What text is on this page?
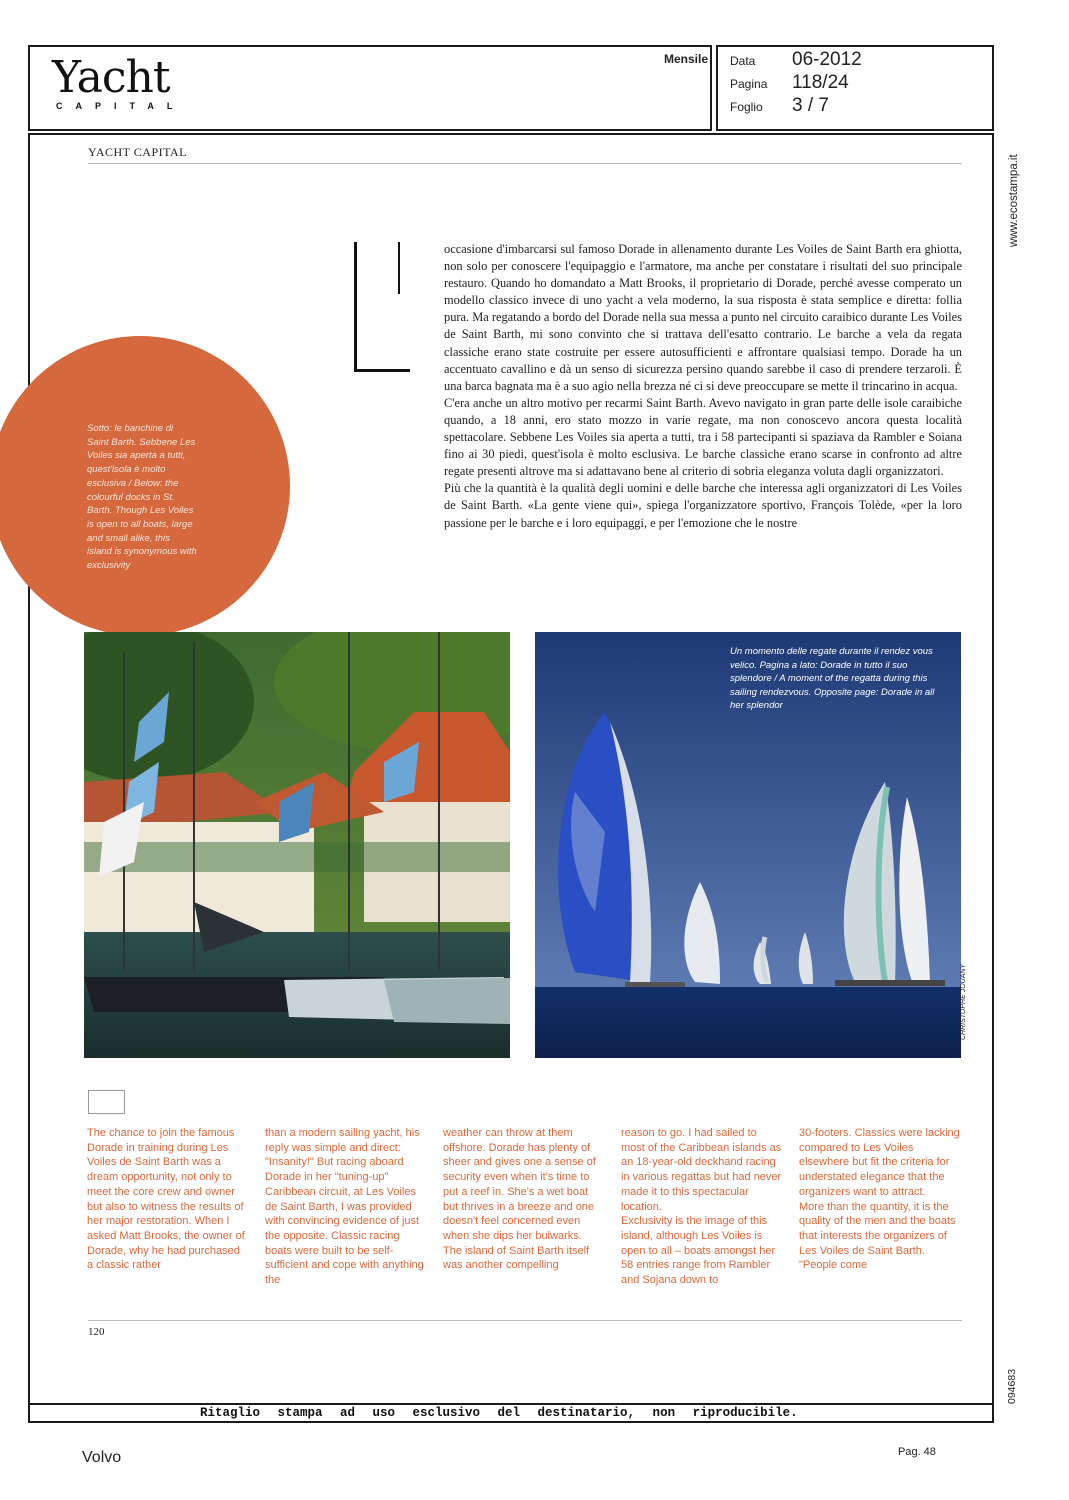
Yacht
CAPITAL
Mensile Data 06-2012
Pagina 118/24
Foglio 3 / 7
YACHT CAPITAL

occasione d'imbarcarsi sul famoso Dorade in allenamento durante Les Voiles de Saint Barth era ghiotta, non solo per conoscere l'equipaggio e l'armatore, ma anche per constatare i risultati del suo principale restauro. Quando ho domandato a Matt Brooks, il proprietario di Dorade, perché avesse comperato un modello classico invece di uno yacht a vela moderno, la sua risposta è stata semplice e diretta: follia pura. Ma regatando a bordo del Dorade nella sua messa a punto nel circuito caraibico durante Les Voiles de Saint Barth, mi sono convinto che si trattava dell'esatto contrario. Le barche a vela da regata classiche erano state costruite per essere autosufficienti e affrontare qualsiasi tempo. Dorade ha un accentuato cavallino e dà un senso di sicurezza persino quando sarebbe il caso di prendere terzaroli. È una barca bagnata ma è a suo agio nella brezza né ci si deve preoccupare se mette il trincarino in acqua.

C'era anche un altro motivo per recarmi Saint Barth. Avevo navigato in gran parte delle isole caraibiche quando, a 18 anni, ero stato mozzo in varie regate, ma non conoscevo ancora questa località spettacolare. Sebbene Les Voiles sia aperta a tutti, tra i 58 partecipanti si spaziava da Rambler e Soiana fino ai 30 piedi, quest'isola è molto esclusiva. Le barche classiche erano scarse in confronto ad altre regate presenti altrove ma si adattavano bene al criterio di sobria eleganza voluta dagli organizzatori.

Più che la quantità è la qualità degli uomini e delle barche che interessa agli organizzatori di Les Voiles de Saint Barth. «La gente viene qui», spiega l'organizzatore sportivo, François Tolède, «per la loro passione per le barche e i loro equipaggi, e per l'emozione che le nostre

Sotto: le banchine di Saint Barth. Sebbene Les Voiles sia aperta a tutti, quest'isola è molto esclusiva / Below: the colourful docks in St. Barth. Though Les Voiles is open to all boats, large and small alike, this island is synonymous with exclusivity
Un momento delle regate durante il rendez vous velico. Pagina a lato: Dorade in tutto il suo splendore / A moment of the regatta during this sailing rendezvous. Opposite page: Dorade in all her splendor
CHRISTOPHE JOUANY

The chance to join the famous Dorade in training during Les Voiles de Saint Barth was a dream opportunity, not only to meet the core crew and owner but also to witness the results of her major restoration. When I asked Matt Brooks, the owner of Dorade, why he had purchased a classic rather

than a modern sailing yacht, his reply was simple and direct: "Insanity!" But racing aboard Dorade in her "tuning-up" Caribbean circuit, at Les Voiles de Saint Barth, I was provided with convincing evidence of just the opposite. Classic racing boats were built to be self-sufficient and cope with anything the

weather can throw at them offshore. Dorade has plenty of sheer and gives one a sense of security even when it's time to put a reef in. She's a wet boat but thrives in a breeze and one doesn't feel concerned even when she dips her bulwarks.
The island of Saint Barth itself was another compelling

reason to go. I had sailed to most of the Caribbean islands as an 18-year-old deckhand racing in various regattas but had never made it to this spectacular location.
Exclusivity is the image of this island, although Les Voiles is open to all – boats amongst her 58 entries range from Rambler and Sojana down to

30-footers. Classics were lacking compared to Les Voiles elsewhere but fit the criteria for understated elegance that the organizers want to attract.
More than the quantity, it is the quality of the men and the boats that interests the organizers of Les Voiles de Saint Barth. "People come

120
Ritaglio stampa ad uso esclusivo del destinatario, non riproducibile.
www.ecostampa.it
094683
Volvo	Pag. 48
